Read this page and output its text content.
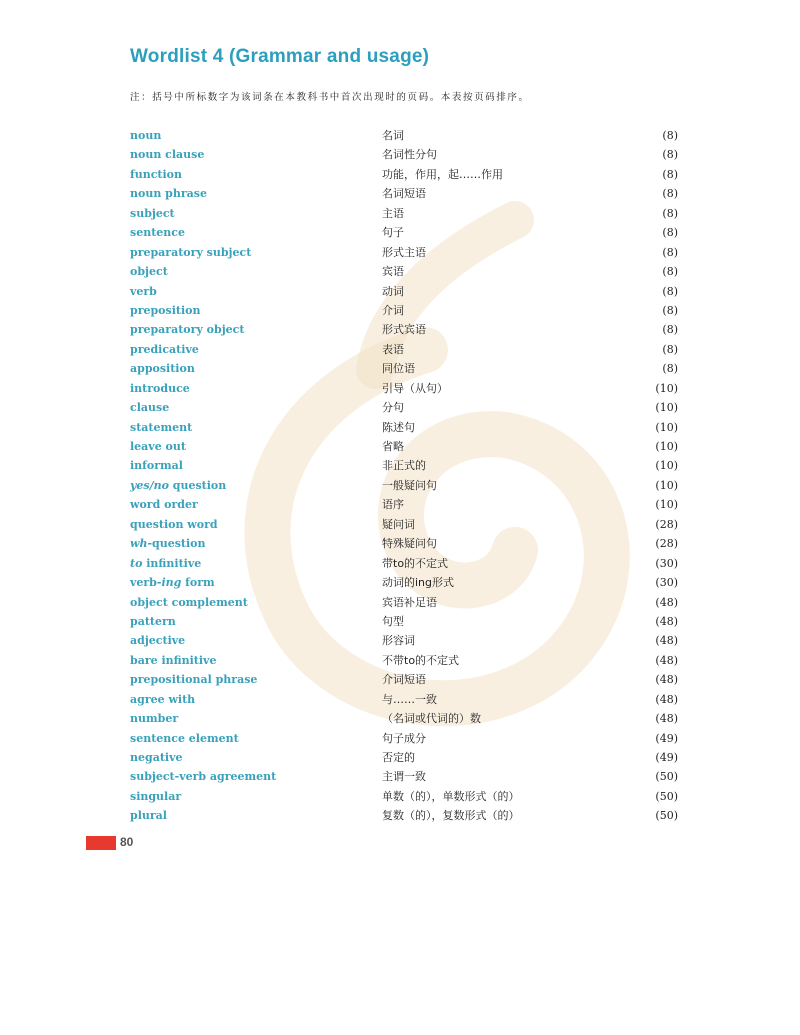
Wordlist 4 (Grammar and usage)
注：括号中所标数字为该词条在本教科书中首次出现时的页码。本表按页码排序。
noun	名词	(8)
noun clause	名词性分句	(8)
function	功能，作用，起……作用	(8)
noun phrase	名词短语	(8)
subject	主语	(8)
sentence	句子	(8)
preparatory subject	形式主语	(8)
object	宾语	(8)
verb	动词	(8)
preposition	介词	(8)
preparatory object	形式宾语	(8)
predicative	表语	(8)
apposition	同位语	(8)
introduce	引导（从句）	(10)
clause	分句	(10)
statement	陈述句	(10)
leave out	省略	(10)
informal	非正式的	(10)
yes/no question	一般疑问句	(10)
word order	语序	(10)
question word	疑问词	(28)
wh-question	特殊疑问句	(28)
to infinitive	带to的不定式	(30)
verb-ing form	动词的ing形式	(30)
object complement	宾语补足语	(48)
pattern	句型	(48)
adjective	形容词	(48)
bare infinitive	不带to的不定式	(48)
prepositional phrase	介词短语	(48)
agree with	与……一致	(48)
number	（名词或代词的）数	(48)
sentence element	句子成分	(49)
negative	否定的	(49)
subject-verb agreement	主谓一致	(50)
singular	单数（的），单数形式（的）	(50)
plural	复数（的），复数形式（的）	(50)
80
